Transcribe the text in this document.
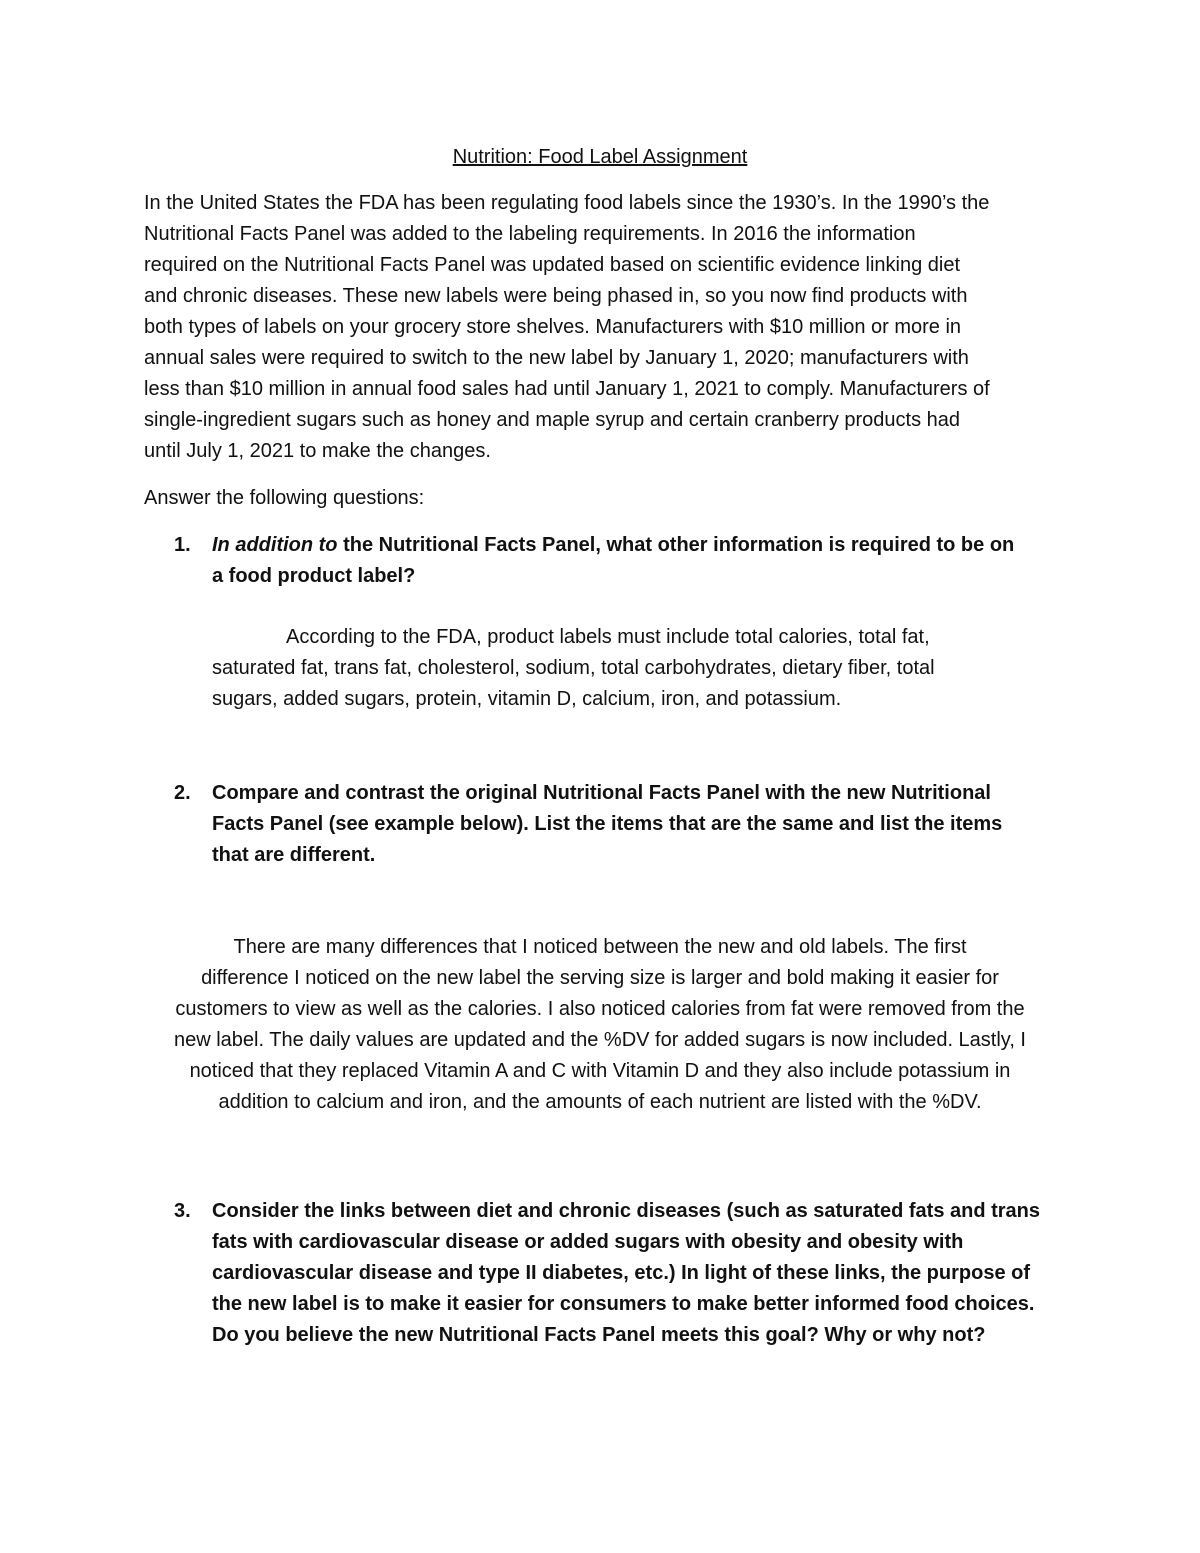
Nutrition: Food Label Assignment
In the United States the FDA has been regulating food labels since the 1930’s. In the 1990’s the
Nutritional Facts Panel was added to the labeling requirements. In 2016 the information
required on the Nutritional Facts Panel was updated based on scientific evidence linking diet
and chronic diseases. These new labels were being phased in, so you now find products with
both types of labels on your grocery store shelves. Manufacturers with $10 million or more in
annual sales were required to switch to the new label by January 1, 2020; manufacturers with
less than $10 million in annual food sales had until January 1, 2021 to comply. Manufacturers of
single-ingredient sugars such as honey and maple syrup and certain cranberry products had
until July 1, 2021 to make the changes.
Answer the following questions:
1.	In addition to the Nutritional Facts Panel, what other information is required to be on
a food product label?
According to the FDA, product labels must include total calories, total fat,
saturated fat, trans fat, cholesterol, sodium, total carbohydrates, dietary fiber, total
sugars, added sugars, protein, vitamin D, calcium, iron, and potassium.
2.	Compare and contrast the original Nutritional Facts Panel with the new Nutritional
Facts Panel (see example below). List the items that are the same and list the items
that are different.
There are many differences that I noticed between the new and old labels. The first
difference I noticed on the new label the serving size is larger and bold making it easier for
customers to view as well as the calories. I also noticed calories from fat were removed from the
new label. The daily values are updated and the %DV for added sugars is now included. Lastly, I
noticed that they replaced Vitamin A and C with Vitamin D and they also include potassium in
addition to calcium and iron, and the amounts of each nutrient are listed with the %DV.
3.	Consider the links between diet and chronic diseases (such as saturated fats and trans
fats with cardiovascular disease or added sugars with obesity and obesity with
cardiovascular disease and type II diabetes, etc.) In light of these links, the purpose of
the new label is to make it easier for consumers to make better informed food choices.
Do you believe the new Nutritional Facts Panel meets this goal? Why or why not?
